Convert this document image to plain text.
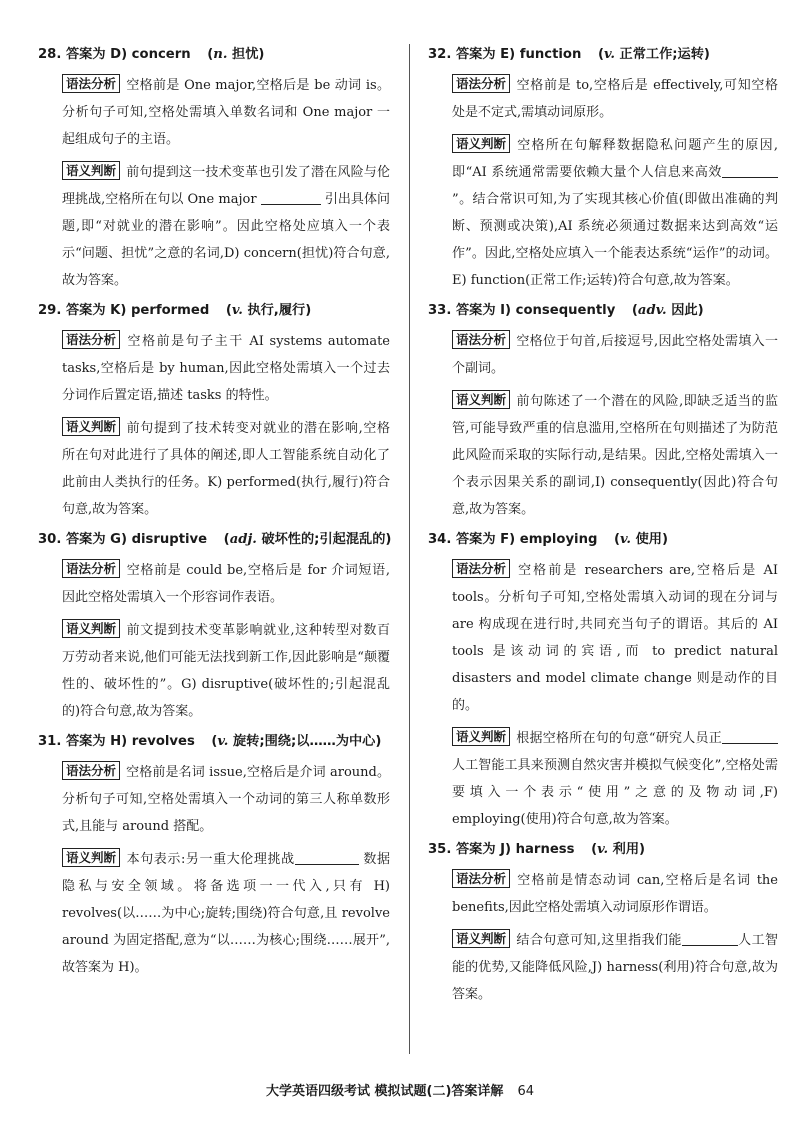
28. 答案为 D) concern (n. 担忧)

语法分析 空格前是 One major,空格后是 be 动词 is。分析句子可知,空格处需填入单数名词和 One major 一起组成句子的主语。

语义判断 前句提到这一技术变革也引发了潜在风险与伦理挑战,空格所在句以 One major	引出具体问题,即“对就业的潜在影响”。因此空格处应填入一个表示“问题、担忧”之意的名词,D) concern(担忧)符合句意,故为答案。

29. 答案为 K) performed (v. 执行,履行)

语法分析 空格前是句子主干 AI systems automate tasks,空格后是 by human,因此空格处需填入一个过去分词作后置定语,描述 tasks 的特性。

语义判断 前句提到了技术转变对就业的潜在影响,空格所在句对此进行了具体的阐述,即人工智能系统自动化了此前由人类执行的任务。K) performed(执行,履行)符合句意,故为答案。

30. 答案为 G) disruptive (adj. 破坏性的;引起混乱的)

语法分析 空格前是 could be,空格后是 for 介词短语,因此空格处需填入一个形容词作表语。

语义判断 前文提到技术变革影响就业,这种转型对数百万劳动者来说,他们可能无法找到新工作,因此影响是“颠覆性的、破坏性的”。G) disruptive(破坏性的;引起混乱的)符合句意,故为答案。

31. 答案为 H) revolves (v. 旋转;围绕;以……为中心)

语法分析 空格前是名词 issue,空格后是介词 around。分析句子可知,空格处需填入一个动词的第三人称单数形式,且能与 around 搭配。

语义判断 本句表示:另一重大伦理挑战	数据隐私与安全领域。将备选项一一代入,只有 H) revolves(以……为中心;旋转;围绕)符合句意,且 revolve around 为固定搭配,意为“以……为核心;围绕……展开”,故答案为 H)。

32. 答案为 E) function (v. 正常工作;运转)

语法分析 空格前是 to,空格后是 effectively,可知空格处是不定式,需填动词原形。

语义判断 空格所在句解释数据隐私问题产生的原因,即“AI 系统通常需要依赖大量个人信息来高效”。结合常识可知,为了实现其核心价值(即做出准确的判断、预测或决策),AI 系统必须通过数据来达到高效“运作”。因此,空格处应填入一个能表达系统“运作”的动词。E) function(正常工作;运转)符合句意,故为答案。

33. 答案为 I) consequently (adv. 因此)

语法分析 空格位于句首,后接逗号,因此空格处需填入一个副词。

语义判断 前句陈述了一个潜在的风险,即缺乏适当的监管,可能导致严重的信息滥用,空格所在句则描述了为防范此风险而采取的实际行动,是结果。因此,空格处需填入一个表示因果关系的副词,I) consequently(因此)符合句意,故为答案。

34. 答案为 F) employing (v. 使用)

语法分析 空格前是 researchers are,空格后是 AI tools。分析句子可知,空格处需填入动词的现在分词与 are 构成现在进行时,共同充当句子的谓语。其后的 AI tools 是该动词的宾语,而 to predict natural disasters and model climate change 则是动作的目的。

语义判断 根据空格所在句的句意“研究人员正人工智能工具来预测自然灾害并模拟气候变化”,空格处需要填入一个表示“使用”之意的及物动词,F) employing(使用)符合句意,故为答案。

35. 答案为 J) harness (v. 利用)

语法分析 空格前是情态动词 can,空格后是名词 the benefits,因此空格处需填入动词原形作谓语。

语义判断 结合句意可知,这里指我们能	人工智能的优势,又能降低风险,J) harness(利用)符合句意,故为答案。

大学英语四级考试 模拟试题(二)答案详解 64
